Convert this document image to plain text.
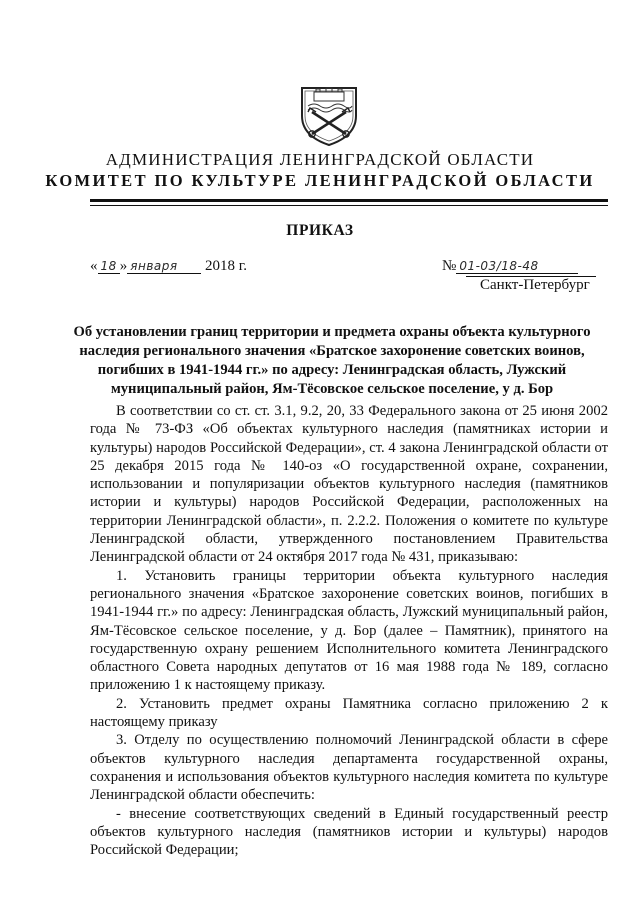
АДМИНИСТРАЦИЯ ЛЕНИНГРАДСКОЙ ОБЛАСТИ
КОМИТЕТ ПО КУЛЬТУРЕ ЛЕНИНГРАДСКОЙ ОБЛАСТИ
ПРИКАЗ
« 18 » января 2018 г.	№ 01-03/18-48
Санкт-Петербург

Об установлении границ территории и предмета охраны объекта культурного наследия регионального значения «Братское захоронение советских воинов, погибших в 1941-1944 гг.» по адресу: Ленинградская область, Лужский муниципальный район, Ям-Тёсовское сельское поселение, у д. Бор

В соответствии со ст. ст. 3.1, 9.2, 20, 33 Федерального закона от 25 июня 2002 года № 73-ФЗ «Об объектах культурного наследия (памятниках истории и культуры) народов Российской Федерации», ст. 4 закона Ленинградской области от 25 декабря 2015 года № 140-оз «О государственной охране, сохранении, использовании и популяризации объектов культурного наследия (памятников истории и культуры) народов Российской Федерации, расположенных на территории Ленинградской области», п. 2.2.2. Положения о комитете по культуре Ленинградской области, утвержденного постановлением Правительства Ленинградской области от 24 октября 2017 года № 431, приказываю:

1. Установить границы территории объекта культурного наследия регионального значения «Братское захоронение советских воинов, погибших в 1941-1944 гг.» по адресу: Ленинградская область, Лужский муниципальный район, Ям-Тёсовское сельское поселение, у д. Бор (далее – Памятник), принятого на государственную охрану решением Исполнительного комитета Ленинградского областного Совета народных депутатов от 16 мая 1988 года № 189, согласно приложению 1 к настоящему приказу.

2. Установить предмет охраны Памятника согласно приложению 2 к настоящему приказу

3. Отделу по осуществлению полномочий Ленинградской области в сфере объектов культурного наследия департамента государственной охраны, сохранения и использования объектов культурного наследия комитета по культуре Ленинградской области обеспечить:

- внесение соответствующих сведений в Единый государственный реестр объектов культурного наследия (памятников истории и культуры) народов Российской Федерации;
